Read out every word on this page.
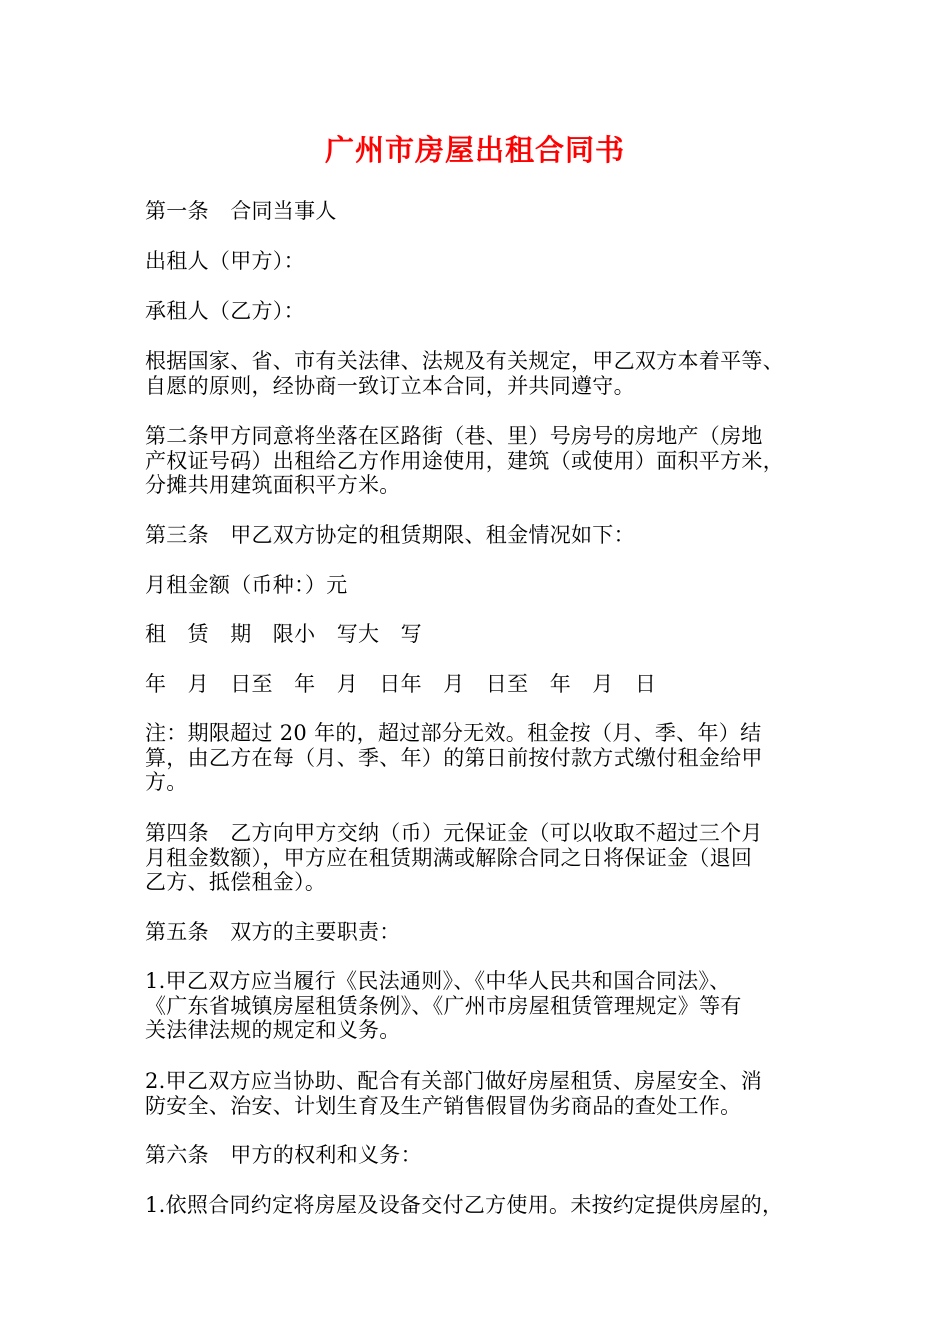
广州市房屋出租合同书
第一条　合同当事人
出租人（甲方）：
承租人（乙方）：
根据国家、省、市有关法律、法规及有关规定，甲乙双方本着平等、
自愿的原则，经协商一致订立本合同，并共同遵守。
第二条甲方同意将坐落在区路街（巷、里）号房号的房地产（房地
产权证号码）出租给乙方作用途使用，建筑（或使用）面积平方米，
分摊共用建筑面积平方米。
第三条　甲乙双方协定的租赁期限、租金情况如下：
月租金额（币种：）元
租　赁　期　限小　写大　写
年　月　日至　年　月　日年　月　日至　年　月　日
注：期限超过 20 年的，超过部分无效。租金按（月、季、年）结
算，由乙方在每（月、季、年）的第日前按付款方式缴付租金给甲
方。
第四条　乙方向甲方交纳（币）元保证金（可以收取不超过三个月
月租金数额），甲方应在租赁期满或解除合同之日将保证金（退回
乙方、抵偿租金）。
第五条　双方的主要职责：
1.甲乙双方应当履行《民法通则》、《中华人民共和国合同法》、
《广东省城镇房屋租赁条例》、《广州市房屋租赁管理规定》等有
关法律法规的规定和义务。
2.甲乙双方应当协助、配合有关部门做好房屋租赁、房屋安全、消
防安全、治安、计划生育及生产销售假冒伪劣商品的查处工作。
第六条　甲方的权利和义务：
1.依照合同约定将房屋及设备交付乙方使用。未按约定提供房屋的，
